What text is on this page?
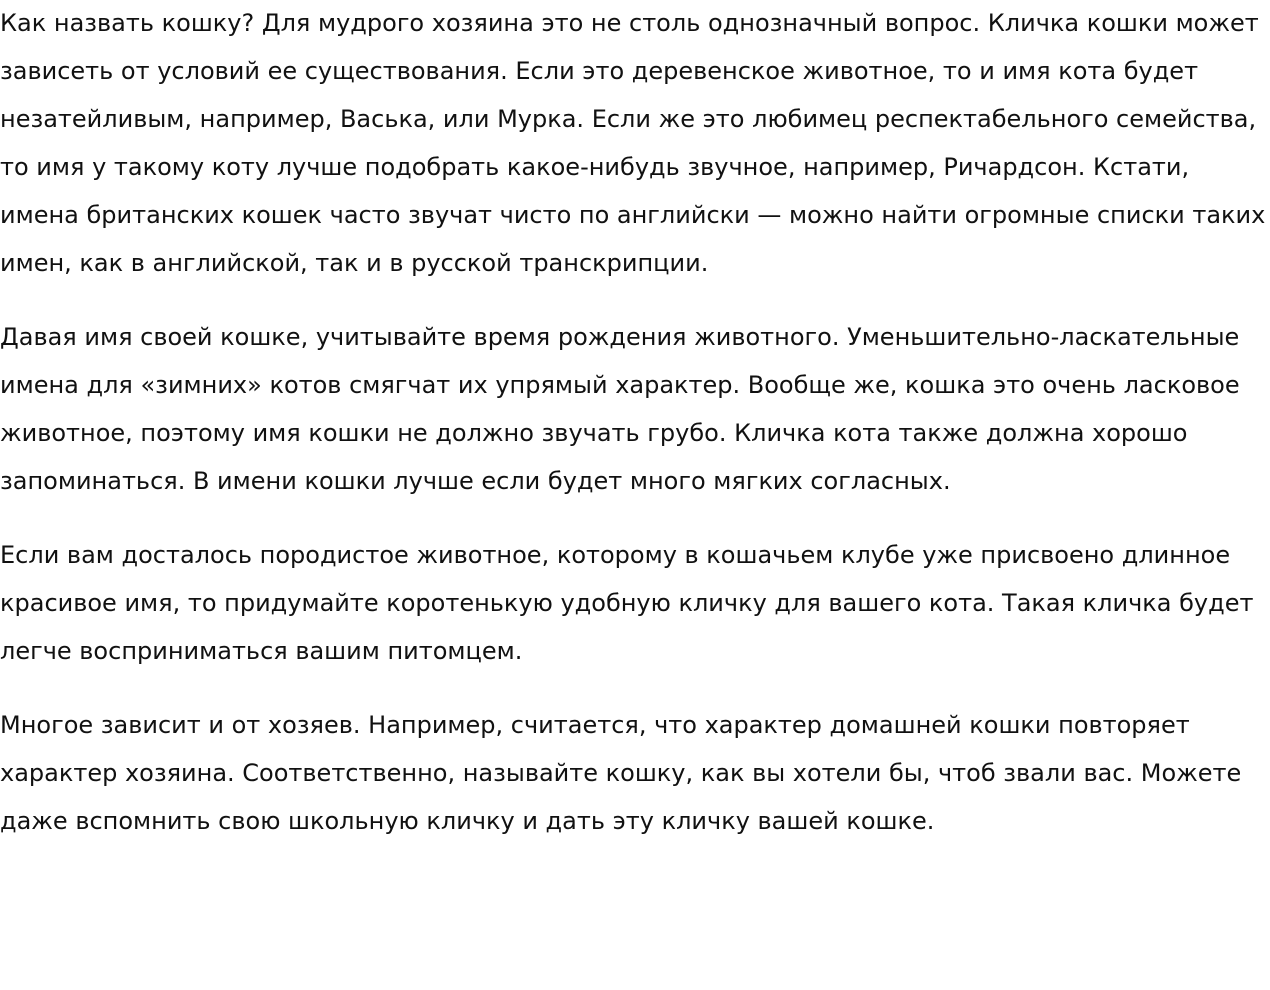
Как назвать кошку? Для мудрого хозяина это не столь однозначный вопрос. Кличка кошки может зависеть от условий ее существования. Если это деревенское животное, то и имя кота будет незатейливым, например, Васька, или Мурка. Если же это любимец респектабельного семейства, то имя у такому коту лучше подобрать какое-нибудь звучное, например, Ричардсон. Кстати, имена британских кошек часто звучат чисто по английски — можно найти огромные списки таких имен, как в английской, так и в русской транскрипции.

Давая имя своей кошке, учитывайте время рождения животного. Уменьшительно-ласкательные имена для «зимних» котов смягчат их упрямый характер. Вообще же, кошка это очень ласковое животное, поэтому имя кошки не должно звучать грубо. Кличка кота также должна хорошо запоминаться. В имени кошки лучше если будет много мягких согласных.

Если вам досталось породистое животное, которому в кошачьем клубе уже присвоено длинное красивое имя, то придумайте коротенькую удобную кличку для вашего кота. Такая кличка будет легче восприниматься вашим питомцем.

Многое зависит и от хозяев. Например, считается, что характер домашней кошки повторяет характер хозяина. Соответственно, называйте кошку, как вы хотели бы, чтоб звали вас. Можете даже вспомнить свою школьную кличку и дать эту кличку вашей кошке.
